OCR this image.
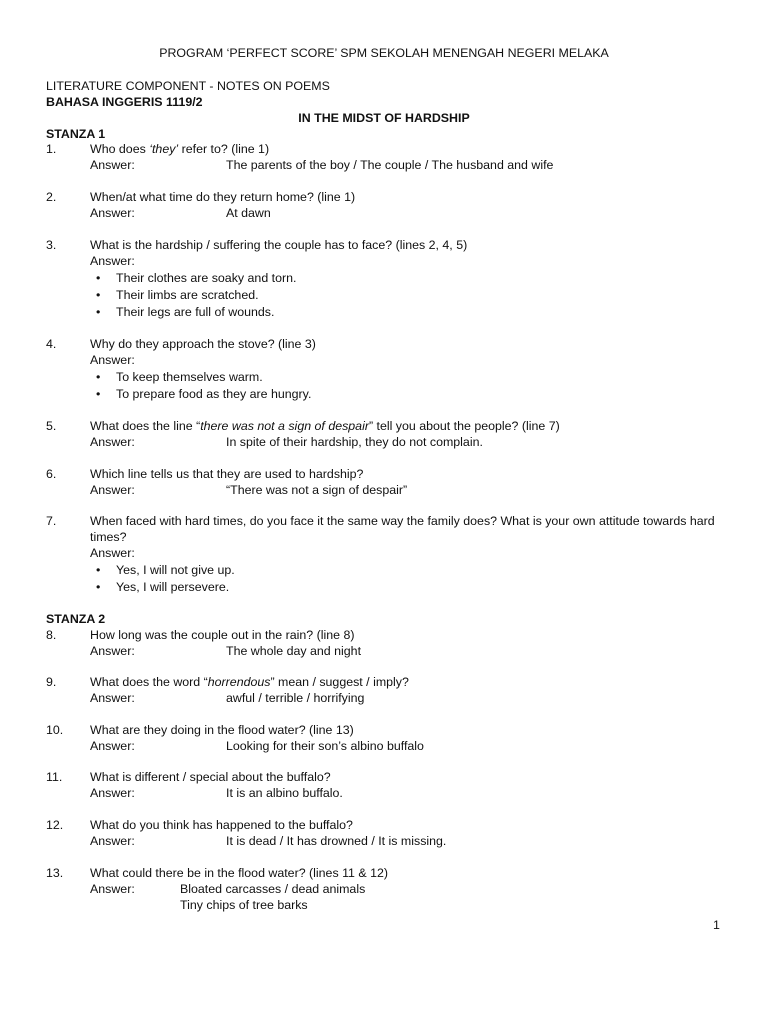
PROGRAM ‘PERFECT SCORE’ SPM SEKOLAH MENENGAH NEGERI MELAKA
LITERATURE COMPONENT - NOTES ON POEMS
BAHASA INGGERIS 1119/2
IN THE MIDST OF HARDSHIP
STANZA 1
1.	Who does ‘they’ refer to? (line 1)
Answer:	The parents of the boy / The couple / The husband and wife
2.	When/at what time do they return home? (line 1)
Answer:	At dawn
3.	What is the hardship / suffering the couple has to face? (lines 2, 4, 5)
Answer:
• Their clothes are soaky and torn.
• Their limbs are scratched.
• Their legs are full of wounds.
4.	Why do they approach the stove? (line 3)
Answer:
• To keep themselves warm.
• To prepare food as they are hungry.
5.	What does the line “there was not a sign of despair” tell you about the people? (line 7)
Answer:	In spite of their hardship, they do not complain.
6.	Which line tells us that they are used to hardship?
Answer:	“There was not a sign of despair”
7.	When faced with hard times, do you face it the same way the family does? What is your own attitude towards hard times?
Answer:
• Yes, I will not give up.
• Yes, I will persevere.
STANZA 2
8.	How long was the couple out in the rain? (line 8)
Answer:	The whole day and night
9.	What does the word “horrendous” mean / suggest / imply?
Answer:	awful / terrible / horrifying
10. What are they doing in the flood water? (line 13)
Answer:	Looking for their son’s albino buffalo
11. What is different / special about the buffalo?
Answer:	It is an albino buffalo.
12. What do you think has happened to the buffalo?
Answer:	It is dead / It has drowned / It is missing.
13. What could there be in the flood water? (lines 11 & 12)
Answer:	Bloated carcasses / dead animals
Tiny chips of tree barks
1
